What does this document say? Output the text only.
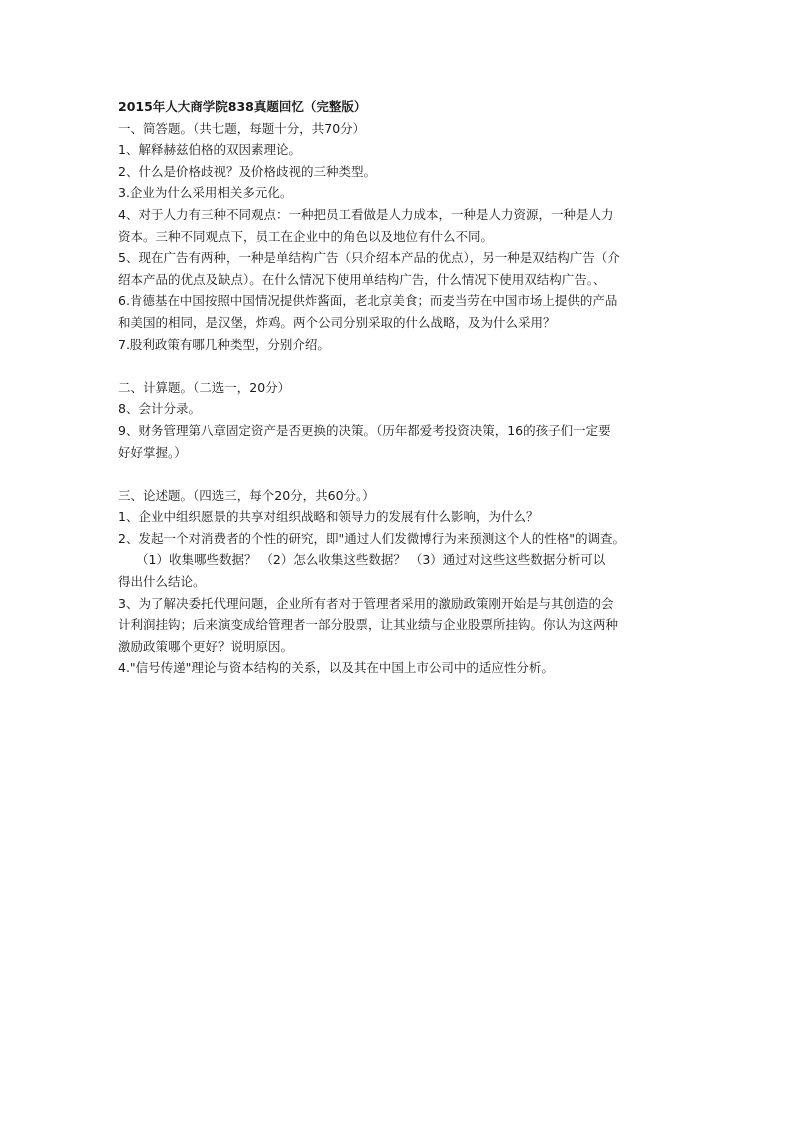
2015年人大商学院838真题回忆（完整版）

一、简答题。（共七题，每题十分，共70分）

1、解释赫兹伯格的双因素理论。

2、什么是价格歧视？及价格歧视的三种类型。

3.企业为什么采用相关多元化。

4、对于人力有三种不同观点：一种把员工看做是人力成本，一种是人力资源，一种是人力

资本。三种不同观点下，员工在企业中的角色以及地位有什么不同。

5、现在广告有两种，一种是单结构广告（只介绍本产品的优点），另一种是双结构广告（介

绍本产品的优点及缺点）。在什么情况下使用单结构广告，什么情况下使用双结构广告。、

6.肯德基在中国按照中国情况提供炸酱面，老北京美食；而麦当劳在中国市场上提供的产品

和美国的相同，是汉堡，炸鸡。两个公司分别采取的什么战略，及为什么采用？

7.股利政策有哪几种类型，分别介绍。

二、计算题。（二选一，20分）

8、会计分录。

9、财务管理第八章固定资产是否更换的决策。（历年都爱考投资决策，16的孩子们一定要

好好掌握。）

三、论述题。（四选三，每个20分，共60分。）

1、企业中组织愿景的共享对组织战略和领导力的发展有什么影响，为什么？

2、发起一个对消费者的个性的研究，即"通过人们发微博行为来预测这个人的性格"的调查。

（1）收集哪些数据？ （2）怎么收集这些数据？ （3）通过对这些这些数据分析可以

得出什么结论。

3、为了解决委托代理问题，企业所有者对于管理者采用的激励政策刚开始是与其创造的会

计利润挂钩；后来演变成给管理者一部分股票，让其业绩与企业股票所挂钩。你认为这两种

激励政策哪个更好？说明原因。

4."信号传递"理论与资本结构的关系，以及其在中国上市公司中的适应性分析。
